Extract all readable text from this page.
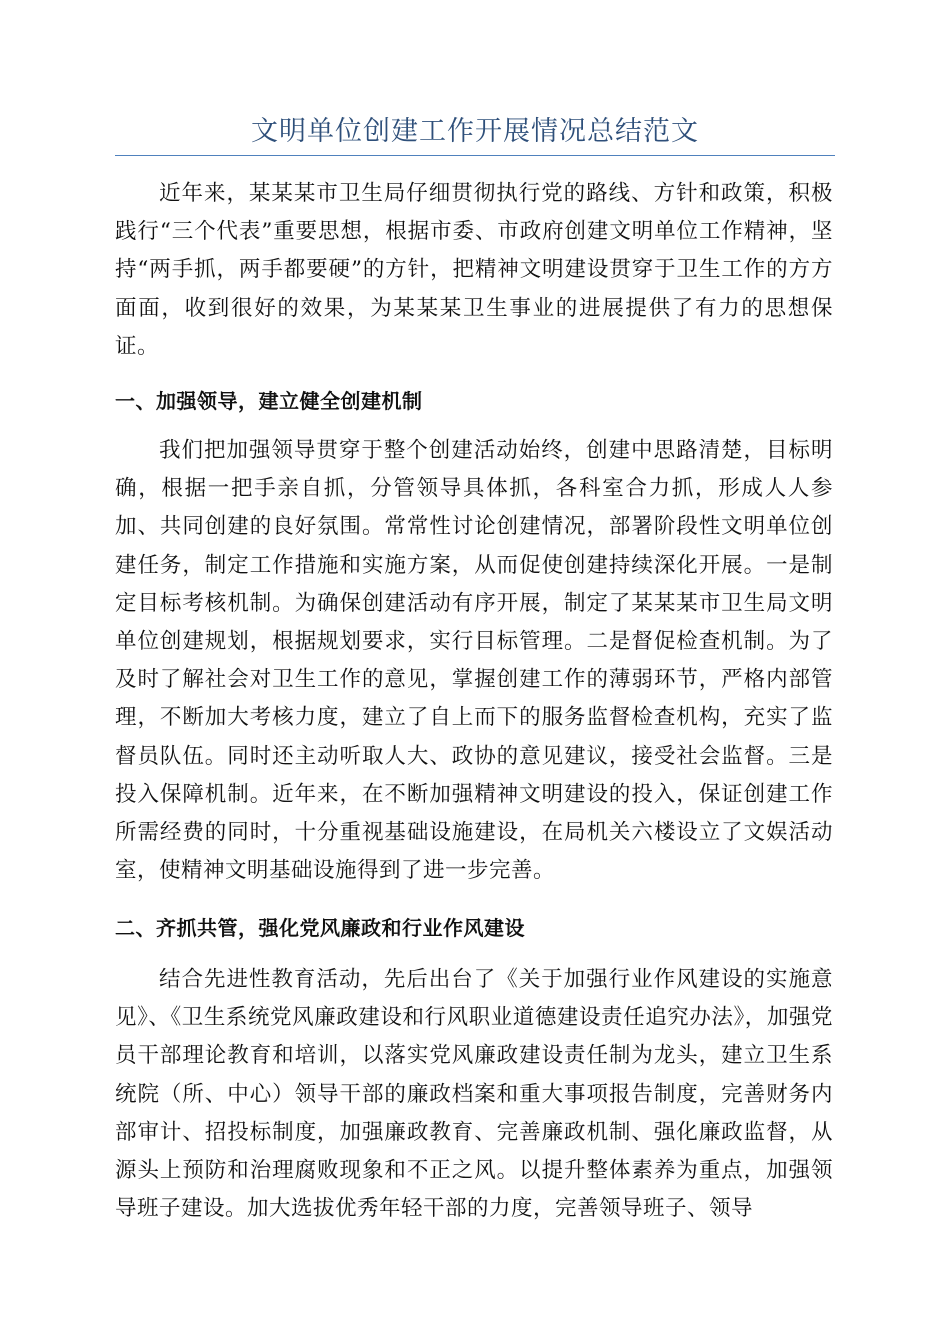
文明单位创建工作开展情况总结范文

近年来，某某某市卫生局仔细贯彻执行党的路线、方针和政策，积极践行“三个代表”重要思想，根据市委、市政府创建文明单位工作精神，坚持“两手抓，两手都要硬”的方针，把精神文明建设贯穿于卫生工作的方方面面，收到很好的效果，为某某某卫生事业的进展提供了有力的思想保证。

一、加强领导，建立健全创建机制

我们把加强领导贯穿于整个创建活动始终，创建中思路清楚，目标明确，根据一把手亲自抓，分管领导具体抓，各科室合力抓，形成人人参加、共同创建的良好氛围。常常性讨论创建情况，部署阶段性文明单位创建任务，制定工作措施和实施方案，从而促使创建持续深化开展。一是制定目标考核机制。为确保创建活动有序开展，制定了某某某市卫生局文明单位创建规划，根据规划要求，实行目标管理。二是督促检查机制。为了及时了解社会对卫生工作的意见，掌握创建工作的薄弱环节，严格内部管理，不断加大考核力度，建立了自上而下的服务监督检查机构，充实了监督员队伍。同时还主动听取人大、政协的意见建议，接受社会监督。三是投入保障机制。近年来，在不断加强精神文明建设的投入，保证创建工作所需经费的同时，十分重视基础设施建设，在局机关六楼设立了文娱活动室，使精神文明基础设施得到了进一步完善。

二、齐抓共管，强化党风廉政和行业作风建设

结合先进性教育活动，先后出台了《关于加强行业作风建设的实施意见》、《卫生系统党风廉政建设和行风职业道德建设责任追究办法》，加强党员干部理论教育和培训，以落实党风廉政建设责任制为龙头，建立卫生系统院（所、中心）领导干部的廉政档案和重大事项报告制度，完善财务内部审计、招投标制度，加强廉政教育、完善廉政机制、强化廉政监督，从源头上预防和治理腐败现象和不正之风。以提升整体素养为重点，加强领导班子建设。加大选拔优秀年轻干部的力度，完善领导班子、领导
